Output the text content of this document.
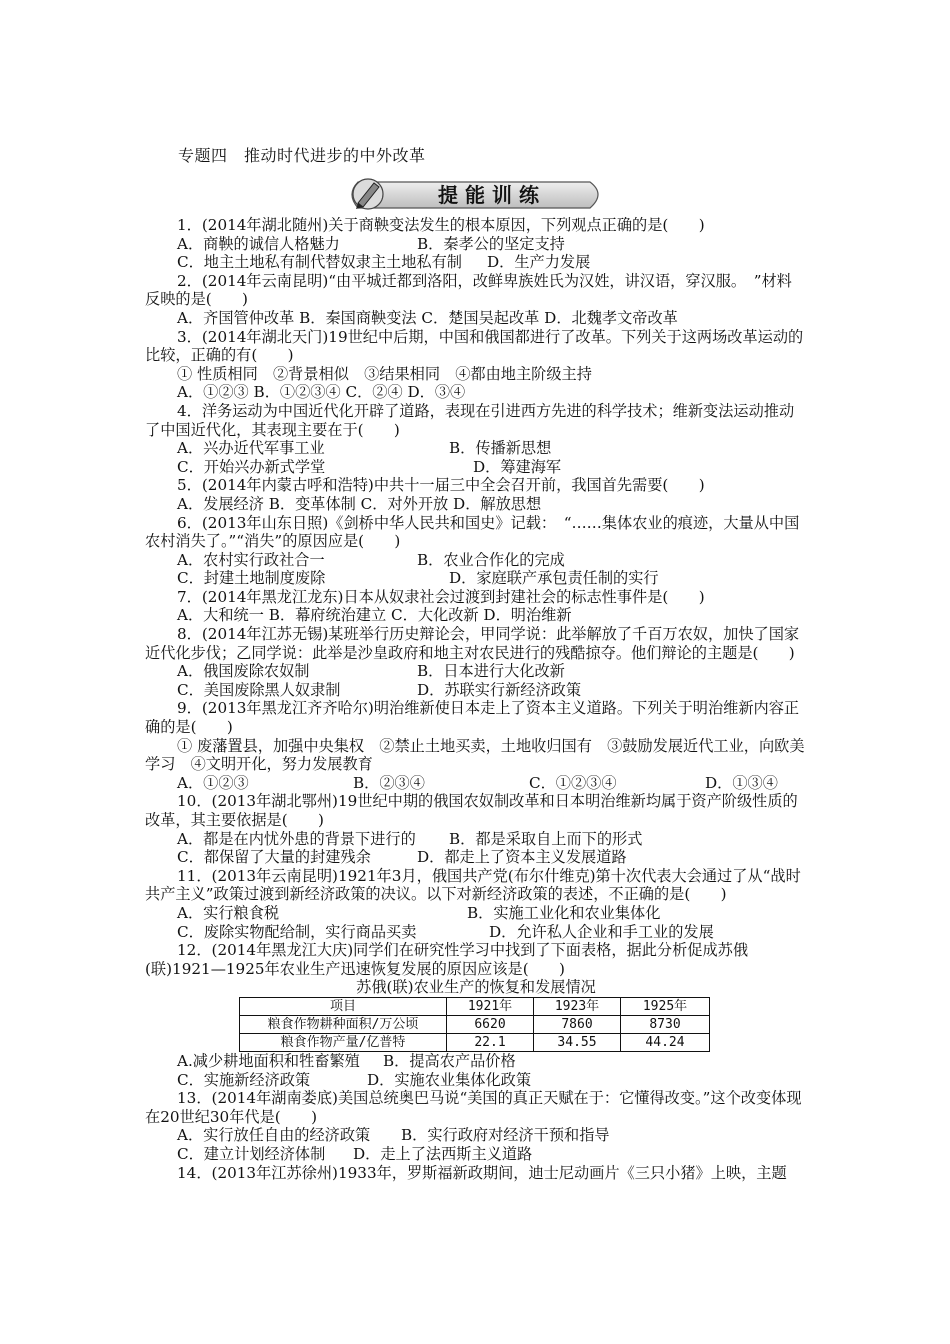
专题四　推动时代进步的中外改革
提能训练

1．(2014年湖北随州)关于商鞅变法发生的根本原因，下列观点正确的是(　　)

A．商鞅的诚信人格魅力	B．秦孝公的坚定支持

C．地主土地私有制代替奴隶主土地私有制	D．生产力发展

2．(2014年云南昆明)“由平城迁都到洛阳，改鲜卑族姓氏为汉姓，讲汉语，穿汉服。　”材料反映的是(　　)

A．齐国管仲改革 B．秦国商鞅变法 C．楚国吴起改革 D．北魏孝文帝改革

3．(2014年湖北天门)19世纪中后期，中国和俄国都进行了改革。下列关于这两场改革运动的比较，正确的有(　　)

① 性质相同　②背景相似　③结果相同　④都由地主阶级主持

A．①②③ B．①②③④ C．②④ D．③④

4．洋务运动为中国近代化开辟了道路，表现在引进西方先进的科学技术；维新变法运动推动了中国近代化，其表现主要在于(　　)

A．兴办近代军事工业	B．传播新思想

C．开始兴办新式学堂	D．筹建海军

5．(2014年内蒙古呼和浩特)中共十一届三中全会召开前，我国首先需要(　　)

A．发展经济 B．变革体制 C．对外开放 D．解放思想

6．(2013年山东日照)《剑桥中华人民共和国史》记载：　“……集体农业的痕迹，大量从中国农村消失了。”“消失”的原因应是(　　)

A．农村实行政社合一	B．农业合作化的完成

C．封建土地制度废除	D．家庭联产承包责任制的实行

7．(2014年黑龙江龙东)日本从奴隶社会过渡到封建社会的标志性事件是(　　)

A．大和统一 B．幕府统治建立 C．大化改新 D．明治维新

8．(2014年江苏无锡)某班举行历史辩论会，甲同学说：此举解放了千百万农奴，加快了国家近代化步伐；乙同学说：此举是沙皇政府和地主对农民进行的残酷掠夺。他们辩论的主题是(　　)

A．俄国废除农奴制	B．日本进行大化改新

C．美国废除黑人奴隶制	D．苏联实行新经济政策

9．(2013年黑龙江齐齐哈尔)明治维新使日本走上了资本主义道路。下列关于明治维新内容正确的是(　　)

① 废藩置县，加强中央集权　②禁止土地买卖，土地收归国有　③鼓励发展近代工业，向欧美学习　④文明开化，努力发展教育

A．①②③	B．②③④	C．①②③④	D．①③④

10．(2013年湖北鄂州)19世纪中期的俄国农奴制改革和日本明治维新均属于资产阶级性质的改革，其主要依据是(　　)

A．都是在内忧外患的背景下进行的	B．都是采取自上而下的形式

C．都保留了大量的封建残余	D．都走上了资本主义发展道路

11．(2013年云南昆明)1921年3月，俄国共产党(布尔什维克)第十次代表大会通过了从“战时共产主义”政策过渡到新经济政策的决议。以下对新经济政策的表述，不正确的是(　　)

A．实行粮食税	B．实施工业化和农业集体化

C．废除实物配给制，实行商品买卖	D．允许私人企业和手工业的发展

12．(2014年黑龙江大庆)同学们在研究性学习中找到了下面表格，据此分析促成苏俄(联)1921—1925年农业生产迅速恢复发展的原因应该是(　　)

苏俄(联)农业生产的恢复和发展情况

项目	1921年	1923年	1925年
粮食作物耕种面积/万公顷	6620	7860	8730
粮食作物产量/亿普特	22.1	34.55	44.24

A.减少耕地面积和牲畜繁殖	B．提高农产品价格

C．实施新经济政策	D．实施农业集体化政策

13．(2014年湖南娄底)美国总统奥巴马说“美国的真正天赋在于：它懂得改变。”这个改变体现在20世纪30年代是(　　)

A．实行放任自由的经济政策	B．实行政府对经济干预和指导

C．建立计划经济体制	D．走上了法西斯主义道路

14．(2013年江苏徐州)1933年，罗斯福新政期间，迪士尼动画片《三只小猪》上映，主题
